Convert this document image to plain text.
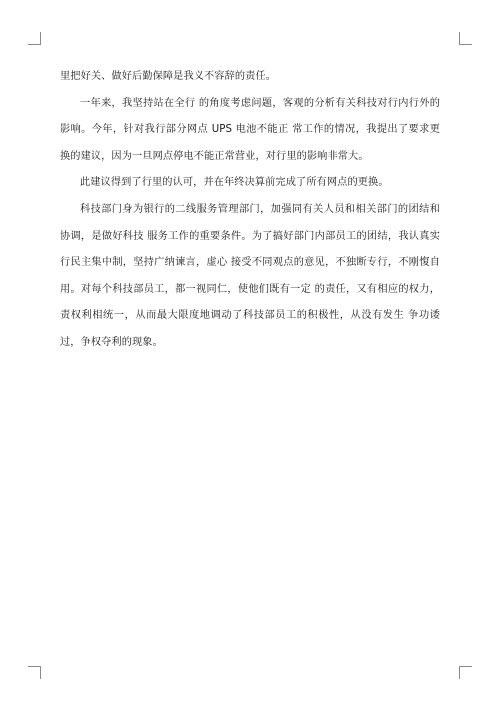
里把好关、做好后勤保障是我义不容辞的责任。

一年来，我坚持站在全行 的角度考虑问题，客观的分析有关科技对行内行外的影响。今年，针对我行部分网点 UPS 电池不能正 常工作的情况，我提出了要求更换的建议，因为一旦网点停电不能正常营业，对行里的影响非常大。

此建议得到了行里的认可，并在年终决算前完成了所有网点的更换。

科技部门身为银行的二线服务管理部门，加强同有关人员和相关部门的团结和协调，是做好科技 服务工作的重要条件。为了搞好部门内部员工的团结，我认真实行民主集中制，坚持广纳谏言，虚心 接受不同观点的意见，不独断专行，不刚愎自用。对每个科技部员工，都一视同仁，使他们既有一定 的责任，又有相应的权力，责权利相统一，从而最大限度地调动了科技部员工的积极性，从没有发生 争功诿过，争权夺利的现象。
